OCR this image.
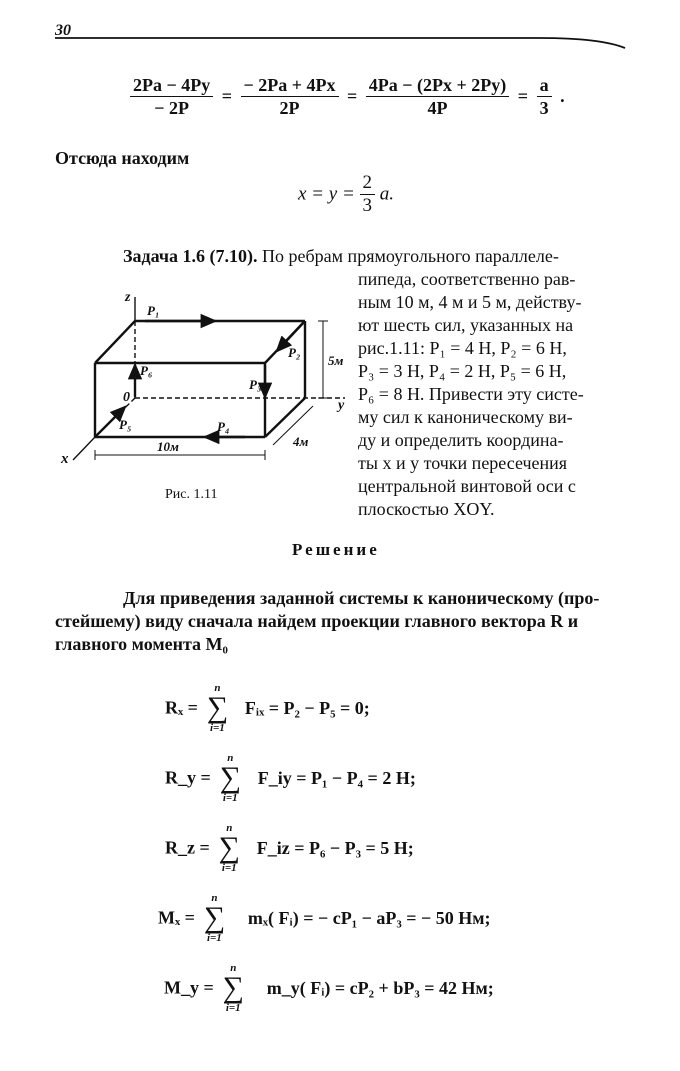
30
$\frac{2Pa - 4Py}{- 2P} = \frac{- 2Pa + 4Px}{2P} = \frac{4Pa - (2Px + 2Py)}{4P} = \frac{a}{3}$ .
Отсюда находим
$x = y = \frac{2}{3} a$.
Задача 1.6 (7.10). По ребрам прямоугольного параллеле-
пипеда, соответственно рав-
ным 10 м, 4 м и 5 м, действу-
ют шесть сил, указанных на
рис.1.11: P₁ = 4 Н, P₂ = 6 Н,
P₃ = 3 Н, P₄ = 2 Н, P₅ = 6 Н,
P₆ = 8 Н. Привести эту систе-
му сил к каноническому ви-
ду и определить координа-
ты x и y точки пересечения
центральной винтовой оси с
плоскостью XOY.
z
x
y
0
P₁
P₂
P₃
P₄
P₅
P₆
10м	4м
5м
Рис. 1.11
Решение
Для приведения заданной системы к каноническому (про-
стейшему) виду сначала найдем проекции главного вектора R и
главного момента M₀
Rₓ =
n
∑
i=1
Fᵢₓ = P₂ − P₅ = 0;
R_y =
n
∑
i=1
F_iy = P₁ − P₄ = 2 Н;
R_z =
n
∑
i=1
F_iz = P₆ − P₃ = 5 Н;
Mₓ =
n
∑
i=1
mₓ( Fᵢ) = − cP₁ − aP₃ = − 50 Нм;
M_y =
n
∑
i=1
m_y( Fᵢ) = cP₂ + bP₃ = 42 Нм;
